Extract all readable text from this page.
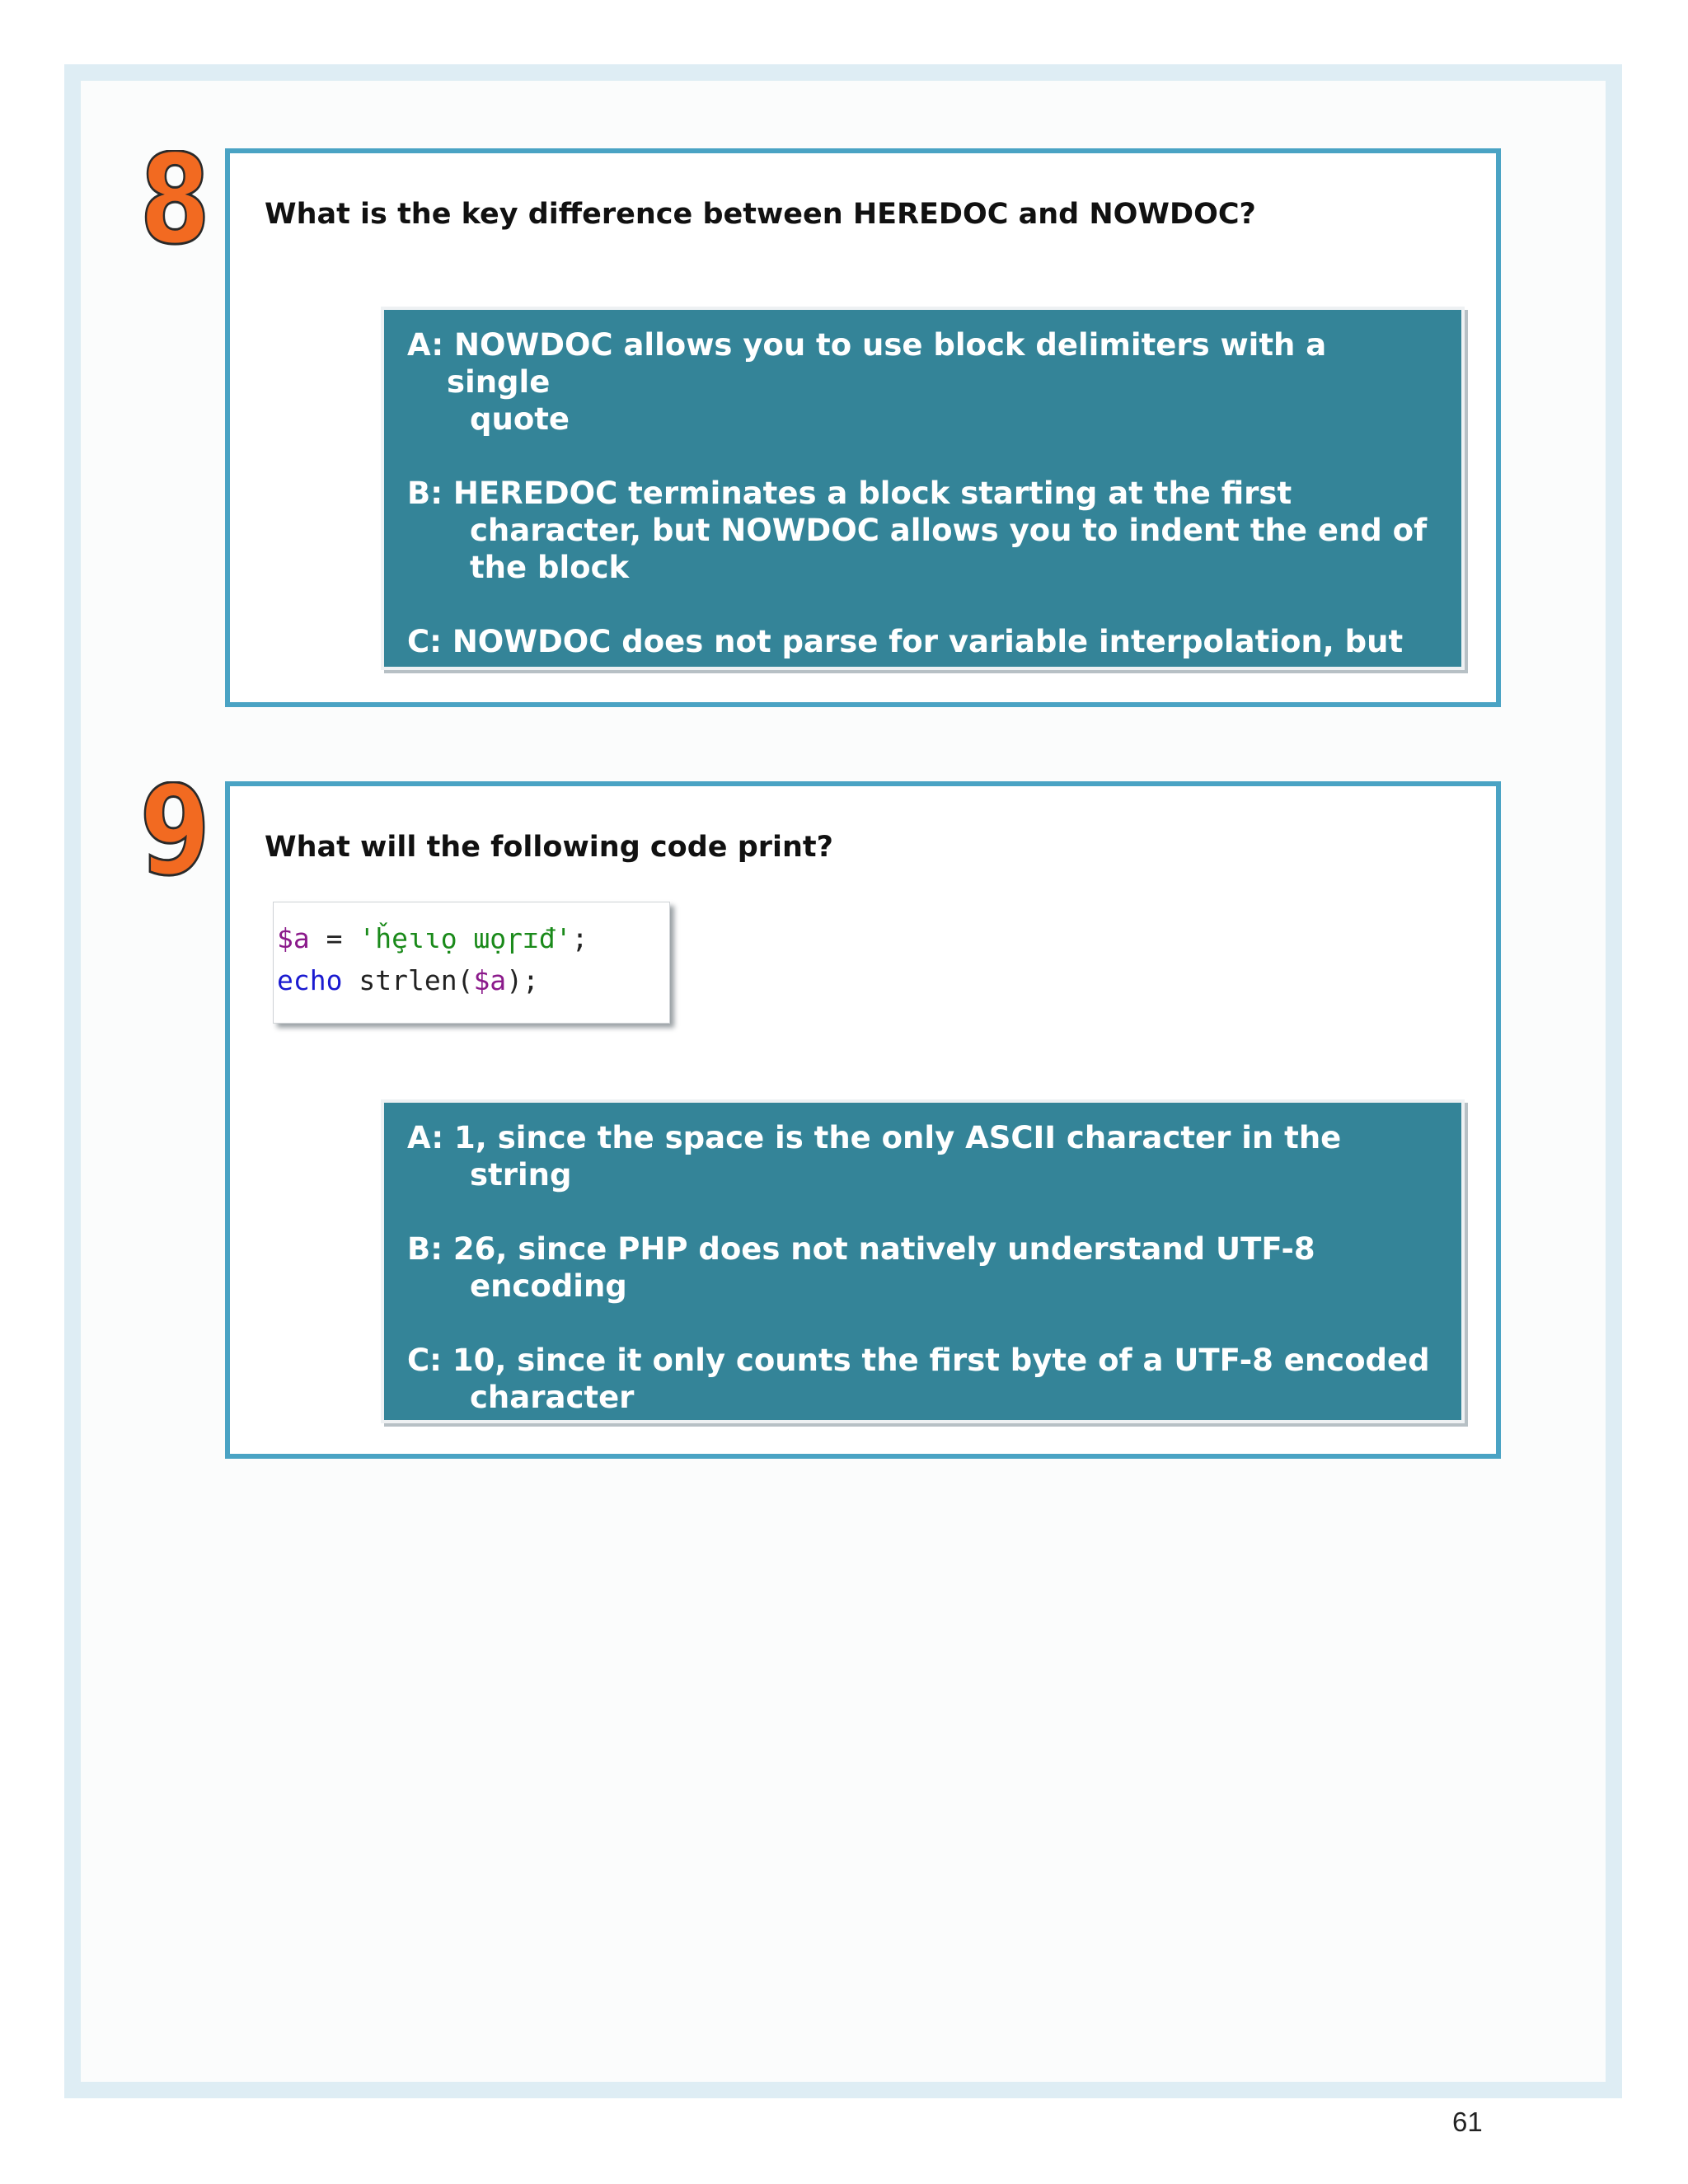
8 What is the key difference between HEREDOC and NOWDOC?
A: NOWDOC allows you to use block delimiters with a
single
quote
B: HEREDOC terminates a block starting at the first
character, but NOWDOC allows you to indent the end of
the block
C: NOWDOC does not parse for variable interpolation, but
9 What will the following code print?
$a = 'ȟȩɩɩọ ɯọɼɪđ';
echo strlen($a);
A: 1, since the space is the only ASCII character in the
string
B: 26, since PHP does not natively understand UTF-8
encoding
C: 10, since it only counts the first byte of a UTF-8 encoded
character
61
